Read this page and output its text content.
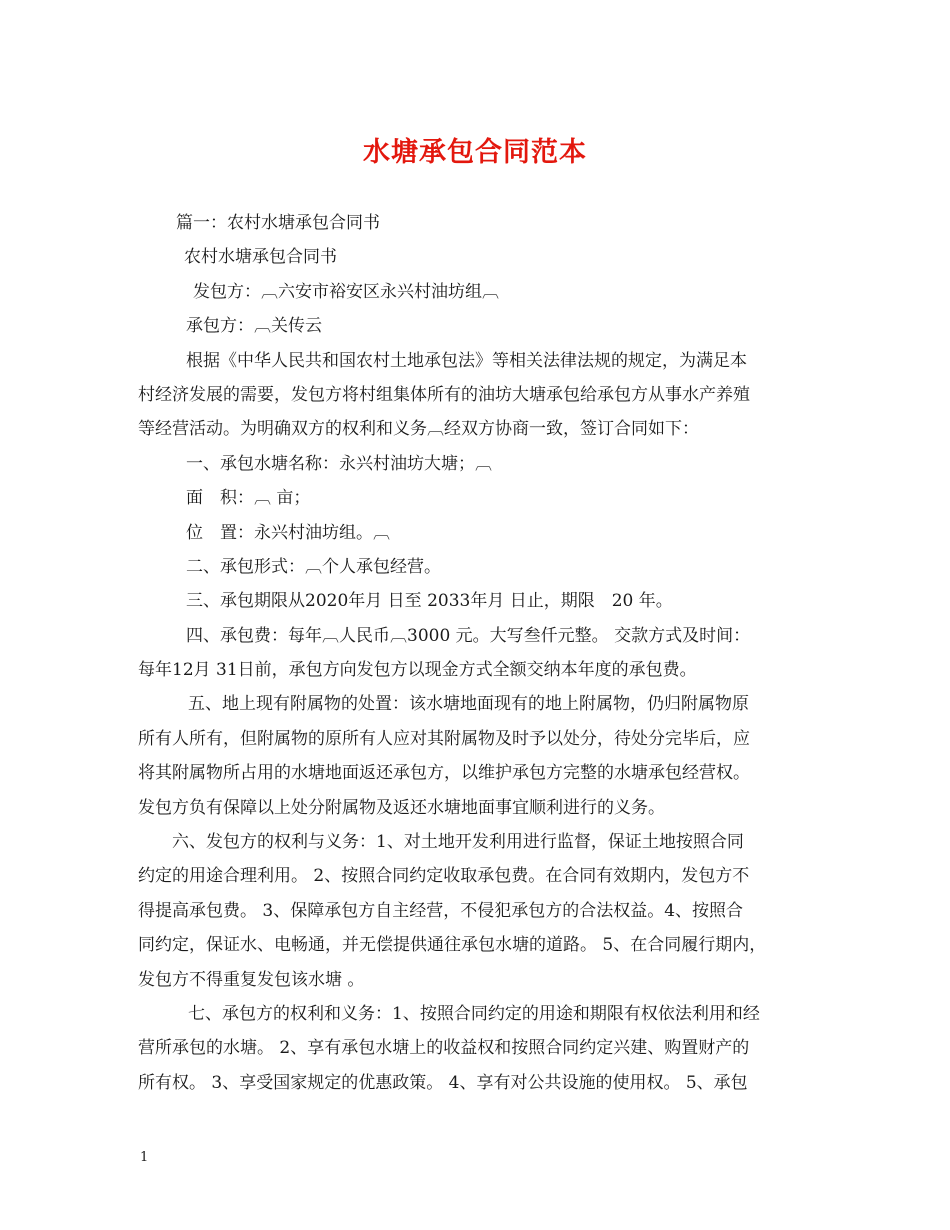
水塘承包合同范本
篇一：农村水塘承包合同书
农村水塘承包合同书
发包方：︹六安市裕安区永兴村油坊组︹
承包方：︹关传云
根据《中华人民共和国农村土地承包法》等相关法律法规的规定，为满足本
村经济发展的需要，发包方将村组集体所有的油坊大塘承包给承包方从事水产养殖
等经营活动。为明确双方的权利和义务︹经双方协商一致，签订合同如下：
一、承包水塘名称：永兴村油坊大塘；︹
面　积：︹ 亩；
位　置：永兴村油坊组。︹
二、承包形式：︹个人承包经营。
三、承包期限从2020年月 日至 2033年月 日止，期限　20 年。
四、承包费：每年︹人民币︹3000 元。大写叁仟元整。 交款方式及时间：
每年12月 31日前，承包方向发包方以现金方式全额交纳本年度的承包费。
五、地上现有附属物的处置：该水塘地面现有的地上附属物，仍归附属物原
所有人所有，但附属物的原所有人应对其附属物及时予以处分，待处分完毕后，应
将其附属物所占用的水塘地面返还承包方，以维护承包方完整的水塘承包经营权。
发包方负有保障以上处分附属物及返还水塘地面事宜顺利进行的义务。
六、发包方的权利与义务：1、对土地开发利用进行监督，保证土地按照合同
约定的用途合理利用。 2、按照合同约定收取承包费。在合同有效期内，发包方不
得提高承包费。 3、保障承包方自主经营，不侵犯承包方的合法权益。4、按照合
同约定，保证水、电畅通，并无偿提供通往承包水塘的道路。 5、在合同履行期内，
发包方不得重复发包该水塘 。
七、承包方的权利和义务：1、按照合同约定的用途和期限有权依法利用和经
营所承包的水塘。 2、享有承包水塘上的收益权和按照合同约定兴建、购置财产的
所有权。 3、享受国家规定的优惠政策。 4、享有对公共设施的使用权。 5、承包
1
